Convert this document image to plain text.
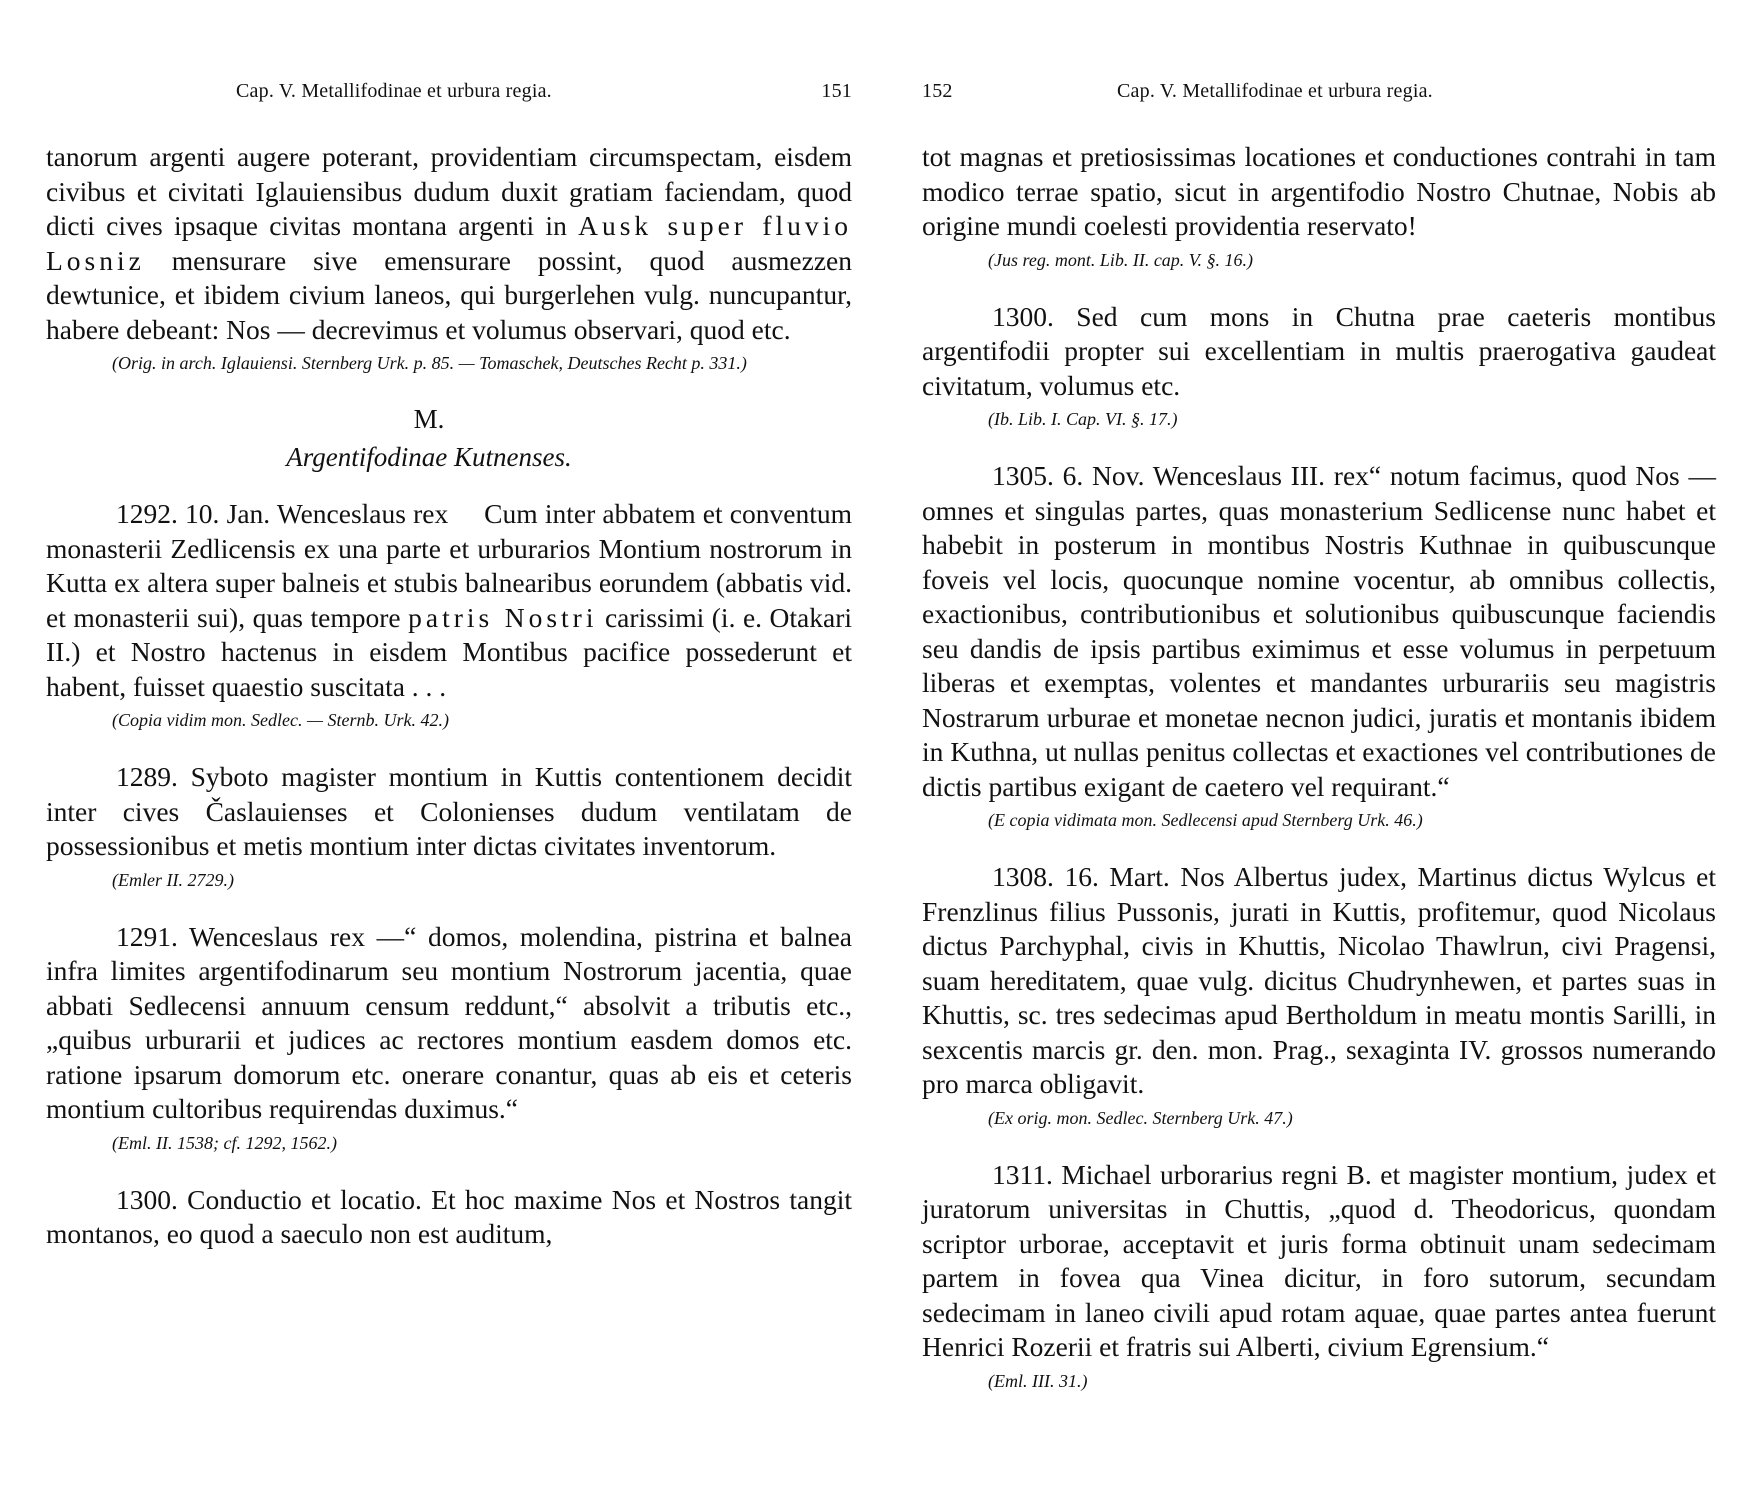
Cap. V. Metallifodinae et urbura regia.	151

tanorum argenti augere poterant, providentiam circumspectam, eisdem civibus et civitati Iglauiensibus dudum duxit gratiam faciendam, quod dicti cives ipsaque civitas montana argenti in Ausk super fluvio Losniz mensurare sive emensurare possint, quod ausmezzen dewtunice, et ibidem civium laneos, qui burgerlehen vulg. nuncupantur, habere debeant: Nos — decrevimus et volumus observari, quod etc.

(Orig. in arch. Iglauiensi. Sternberg Urk. p. 85. — Tomaschek, Deutsches Recht p. 331.)

M.

Argentifodinae Kutnenses.

1292. 10. Jan. Wenceslaus rex     Cum inter abbatem et conventum monasterii Zedlicensis ex una parte et urburarios Montium nostrorum in Kutta ex altera super balneis et stubis balnearibus eorundem (abbatis vid. et monasterii sui), quas tempore patris Nostri carissimi (i. e. Otakari II.) et Nostro hactenus in eisdem Montibus pacifice possederunt et habent, fuisset quaestio suscitata . . .

(Copia vidim mon. Sedlec. — Sternb. Urk. 42.)

1289. Syboto magister montium in Kuttis contentionem decidit inter cives Časlauienses et Colonienses dudum ventilatam de possessionibus et metis montium inter dictas civitates inventorum.

(Emler II. 2729.)

1291. Wenceslaus rex —“ domos, molendina, pistrina et balnea infra limites argentifodinarum seu montium Nostrorum jacentia, quae abbati Sedlecensi annuum censum reddunt,“ absolvit a tributis etc., „quibus urburarii et judices ac rectores montium easdem domos etc. ratione ipsarum domorum etc. onerare conantur, quas ab eis et ceteris montium cultoribus requirendas duximus.“

(Eml. II. 1538; cf. 1292, 1562.)

1300. Conductio et locatio. Et hoc maxime Nos et Nostros tangit montanos, eo quod a saeculo non est auditum,

152	Cap. V. Metallifodinae et urbura regia.

tot magnas et pretiosissimas locationes et conductiones contrahi in tam modico terrae spatio, sicut in argentifodio Nostro Chutnae, Nobis ab origine mundi coelesti providentia reservato!

(Jus reg. mont. Lib. II. cap. V. §. 16.)

1300. Sed cum mons in Chutna prae caeteris montibus argentifodii propter sui excellentiam in multis praerogativa gaudeat civitatum, volumus etc.

(Ib. Lib. I. Cap. VI. §. 17.)

1305. 6. Nov. Wenceslaus III. rex“ notum facimus, quod Nos — omnes et singulas partes, quas monasterium Sedlicense nunc habet et habebit in posterum in montibus Nostris Kuthnae in quibuscunque foveis vel locis, quocunque nomine vocentur, ab omnibus collectis, exactionibus, contributionibus et solutionibus quibuscunque faciendis seu dandis de ipsis partibus eximimus et esse volumus in perpetuum liberas et exemptas, volentes et mandantes urburariis seu magistris Nostrarum urburae et monetae necnon judici, juratis et montanis ibidem in Kuthna, ut nullas penitus collectas et exactiones vel contributiones de dictis partibus exigant de caetero vel requirant.“

(E copia vidimata mon. Sedlecensi apud Sternberg Urk. 46.)

1308. 16. Mart. Nos Albertus judex, Martinus dictus Wylcus et Frenzlinus filius Pussonis, jurati in Kuttis, profitemur, quod Nicolaus dictus Parchyphal, civis in Khuttis, Nicolao Thawlrun, civi Pragensi, suam hereditatem, quae vulg. dicitus Chudrynhewen, et partes suas in Khuttis, sc. tres sedecimas apud Bertholdum in meatu montis Sarilli, in sexcentis marcis gr. den. mon. Prag., sexaginta IV. grossos numerando pro marca obligavit.

(Ex orig. mon. Sedlec. Sternberg Urk. 47.)

1311. Michael urborarius regni B. et magister montium, judex et juratorum universitas in Chuttis, „quod d. Theodoricus, quondam scriptor urborae, acceptavit et juris forma obtinuit unam sedecimam partem in fovea qua Vinea dicitur, in foro sutorum, secundam sedecimam in laneo civili apud rotam aquae, quae partes antea fuerunt Henrici Rozerii et fratris sui Alberti, civium Egrensium.“

(Eml. III. 31.)
